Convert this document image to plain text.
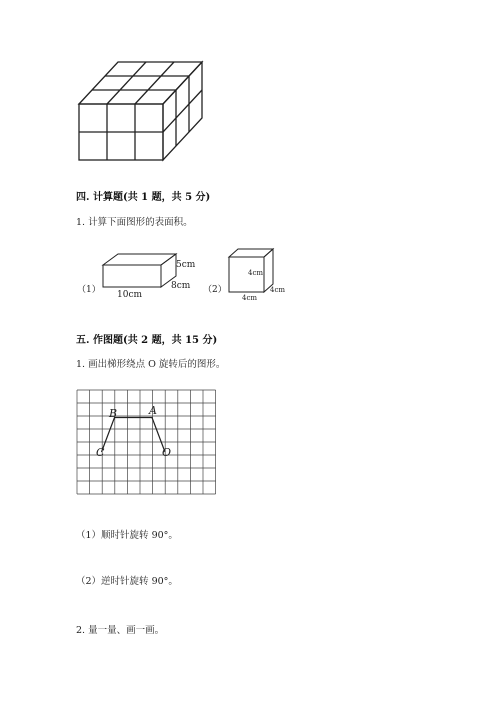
四. 计算题(共 1 题，共 5 分)
1. 计算下面图形的表面积。
（1）
5cm
8cm
10cm	（2）
4cm
4cm
4cm
五. 作图题(共 2 题，共 15 分)
1. 画出梯形绕点 O 旋转后的图形。
B	A
C	O
（1）顺时针旋转 90°。
（2）逆时针旋转 90°。
2. 量一量、画一画。
